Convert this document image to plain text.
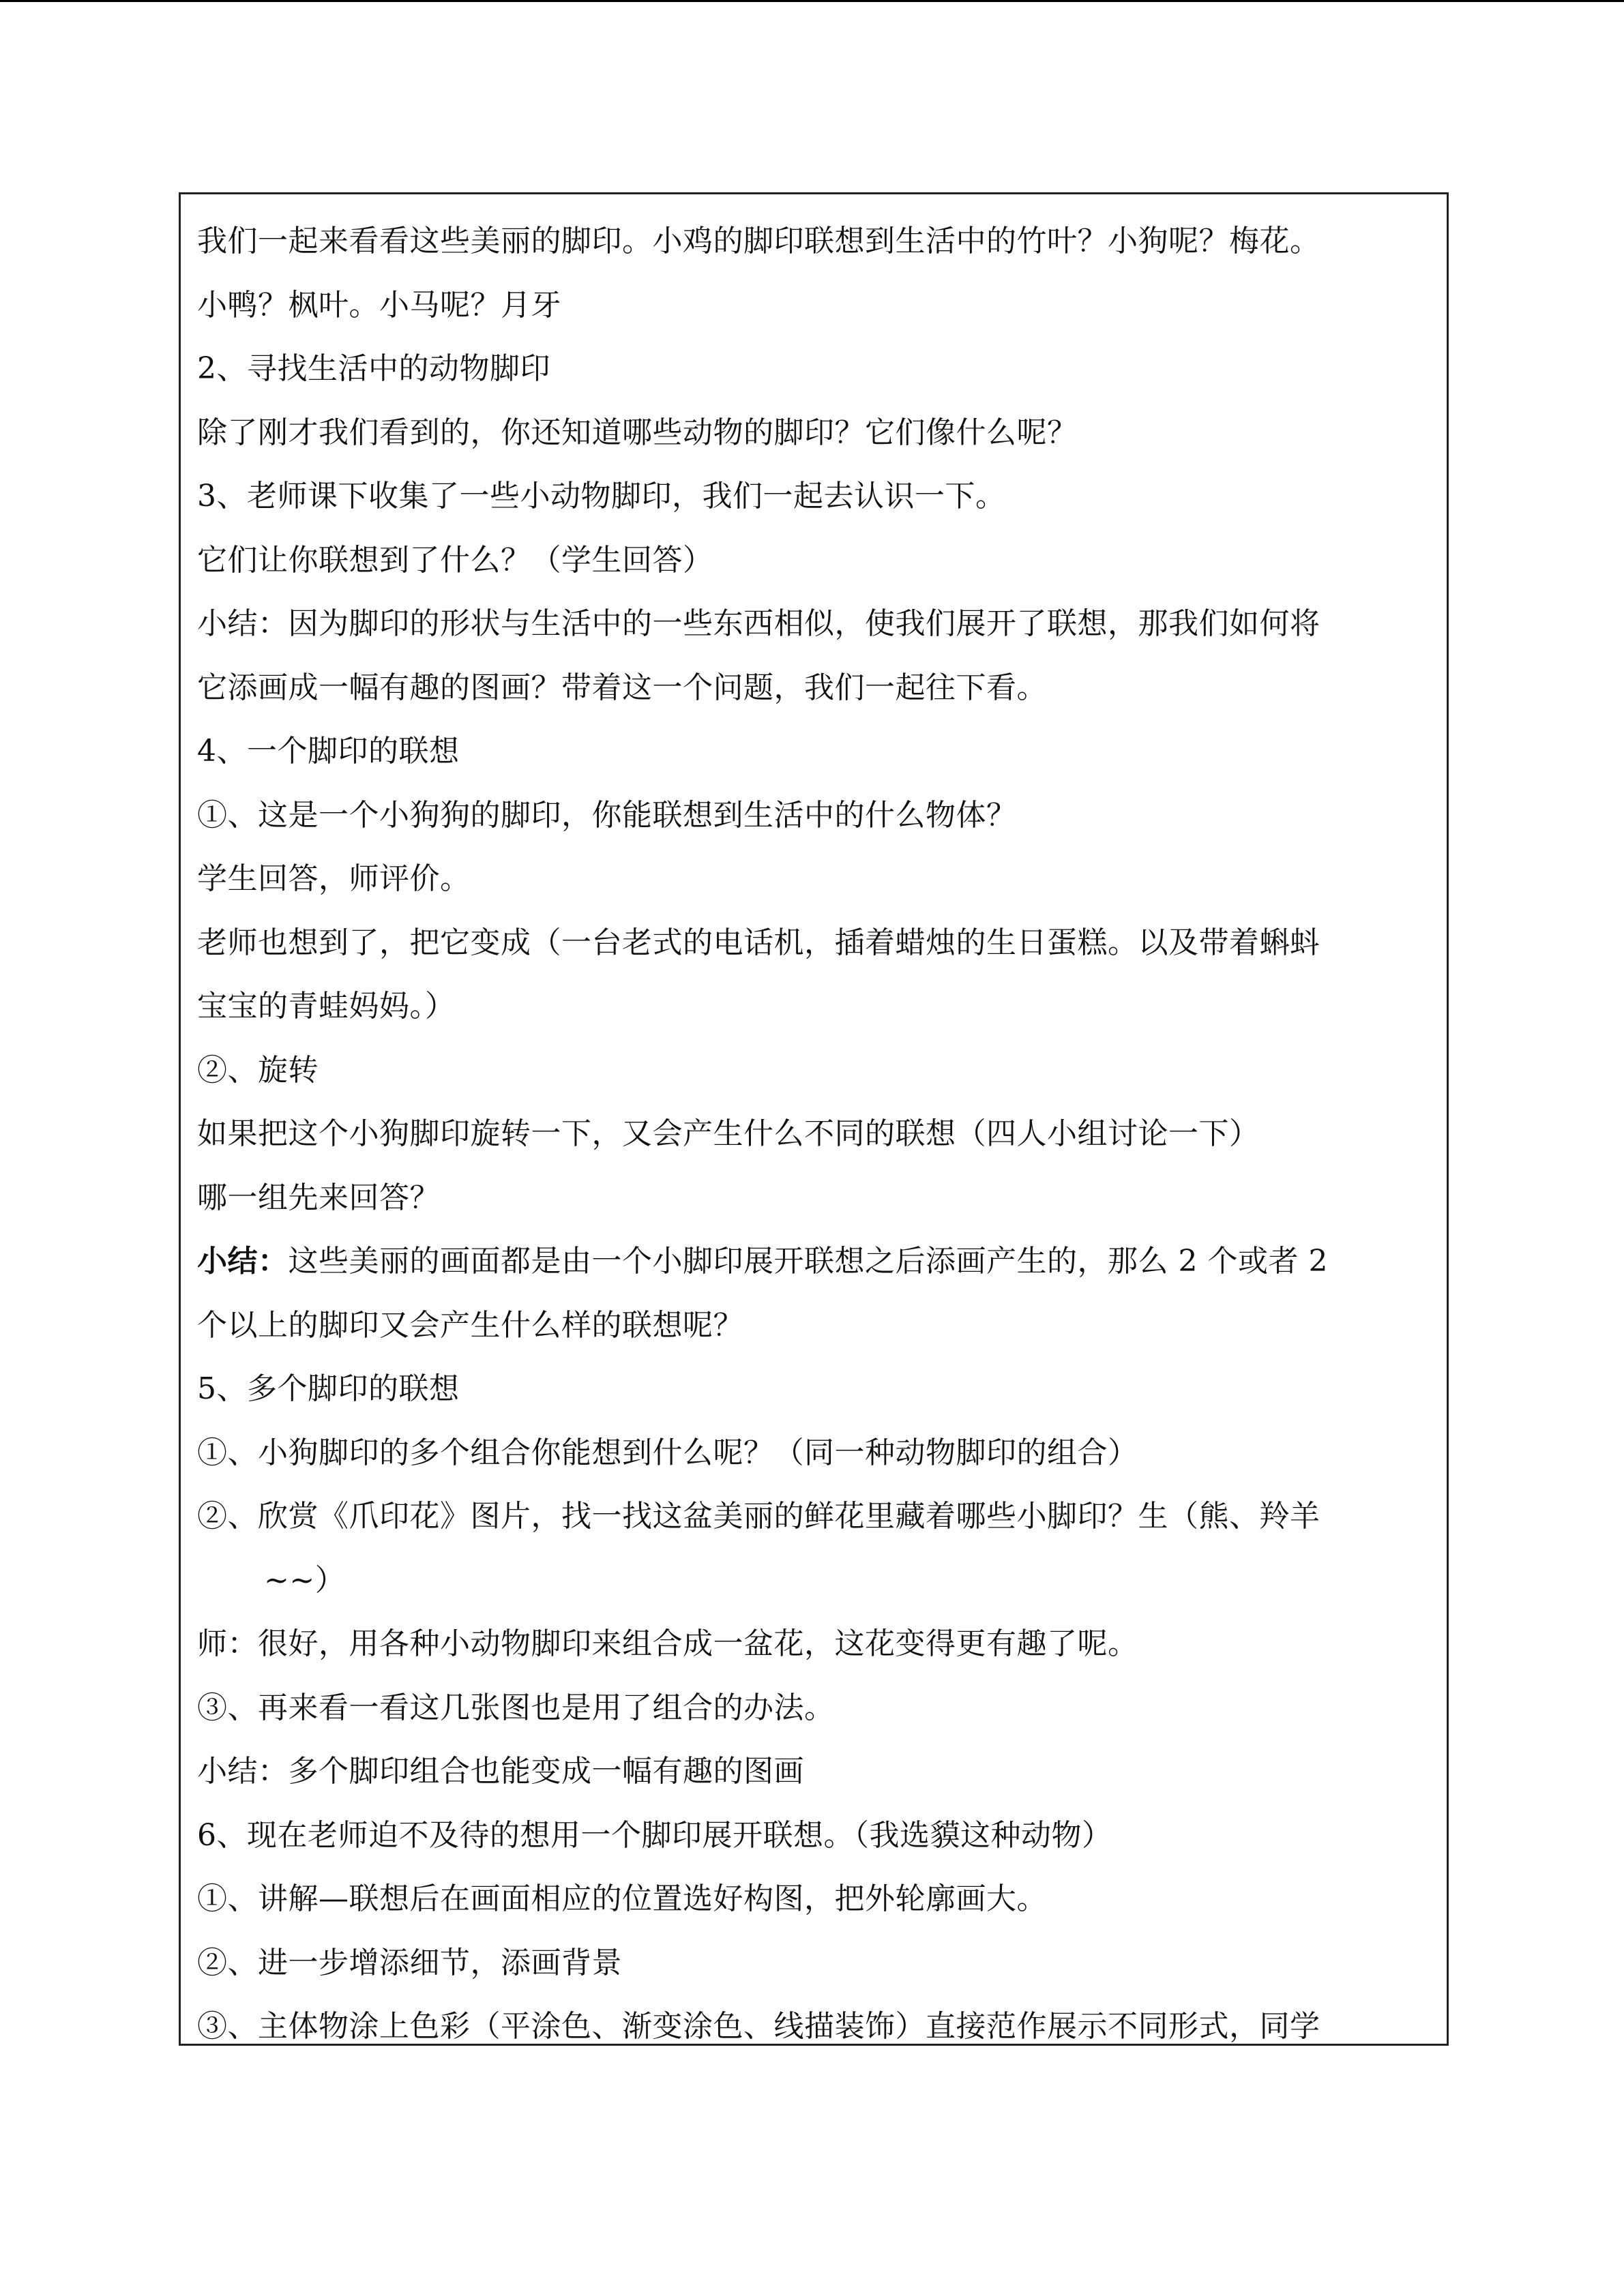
我们一起来看看这些美丽的脚印。小鸡的脚印联想到生活中的竹叶？小狗呢？梅花。
小鸭？枫叶。小马呢？月牙
2、寻找生活中的动物脚印
除了刚才我们看到的，你还知道哪些动物的脚印？它们像什么呢？
3、老师课下收集了一些小动物脚印，我们一起去认识一下。
它们让你联想到了什么？（学生回答）
小结：因为脚印的形状与生活中的一些东西相似，使我们展开了联想，那我们如何将
它添画成一幅有趣的图画？带着这一个问题，我们一起往下看。
4、一个脚印的联想
①、这是一个小狗狗的脚印，你能联想到生活中的什么物体？
学生回答，师评价。
老师也想到了，把它变成（一台老式的电话机，插着蜡烛的生日蛋糕。以及带着蝌蚪
宝宝的青蛙妈妈。）
②、旋转
如果把这个小狗脚印旋转一下，又会产生什么不同的联想（四人小组讨论一下）
哪一组先来回答？
小结：这些美丽的画面都是由一个小脚印展开联想之后添画产生的，那么 2 个或者 2
个以上的脚印又会产生什么样的联想呢？
5、多个脚印的联想
①、小狗脚印的多个组合你能想到什么呢？（同一种动物脚印的组合）
②、欣赏《爪印花》图片，找一找这盆美丽的鲜花里藏着哪些小脚印？生（熊、羚羊
~~）
师：很好，用各种小动物脚印来组合成一盆花，这花变得更有趣了呢。
③、再来看一看这几张图也是用了组合的办法。
小结：多个脚印组合也能变成一幅有趣的图画
6、现在老师迫不及待的想用一个脚印展开联想。（我选貘这种动物）
①、讲解—联想后在画面相应的位置选好构图，把外轮廓画大。
②、进一步增添细节，添画背景
③、主体物涂上色彩（平涂色、渐变涂色、线描装饰）直接范作展示不同形式，同学
